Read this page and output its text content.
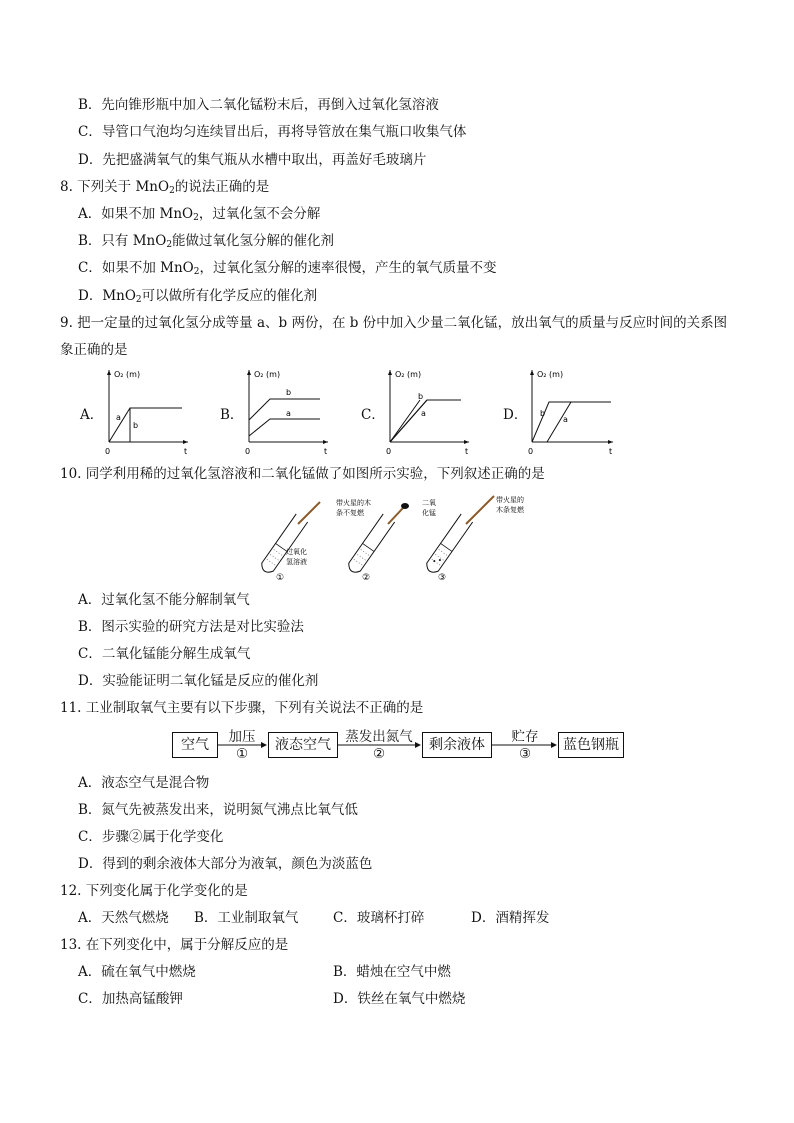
B．先向锥形瓶中加入二氧化锰粉末后，再倒入过氧化氢溶液
C．导管口气泡均匀连续冒出后，再将导管放在集气瓶口收集气体
D．先把盛满氧气的集气瓶从水槽中取出，再盖好毛玻璃片
8. 下列关于 MnO$_2$的说法正确的是
A．如果不加 MnO$_2$，过氧化氢不会分解
B．只有 MnO$_2$能做过氧化氢分解的催化剂
C．如果不加 MnO$_2$，过氧化氢分解的速率很慢，产生的氧气质量不变
D．MnO$_2$可以做所有化学反应的催化剂
9. 把一定量的过氧化氢分成等量 a、b 两份，在 b 份中加入少量二氧化锰，放出氧气的质量与反应时间的关系图
象正确的是
A．	B．	C．	D．
O₂ (m)
0	t
a
b
O₂ (m)
0	t
b
a
O₂ (m)
0	t
b
a
O₂ (m)
0	t
b
a
10. 同学利用稀的过氧化氢溶液和二氧化锰做了如图所示实验，下列叙述正确的是
带火星的木
条不复燃
过氧化
氢溶液
①
二氧
化锰
②
带火星的
木条复燃
③
A．过氧化氢不能分解制氧气
B．图示实验的研究方法是对比实验法
C．二氧化锰能分解生成氧气
D．实验能证明二氧化锰是反应的催化剂
11. 工业制取氧气主要有以下步骤，下列有关说法不正确的是
空气	加压
①
液态空气	蒸发出氮气
②
剩余液体	贮存
③
蓝色钢瓶
A．液态空气是混合物
B．氮气先被蒸发出来，说明氮气沸点比氧气低
C．步骤②属于化学变化
D．得到的剩余液体大部分为液氧，颜色为淡蓝色
12. 下列变化属于化学变化的是
A．天然气燃烧 B．工业制取氧气	C．玻璃杯打碎	D．酒精挥发
13. 在下列变化中，属于分解反应的是
A．硫在氧气中燃烧	B．蜡烛在空气中燃
C．加热高锰酸钾	D．铁丝在氧气中燃烧
